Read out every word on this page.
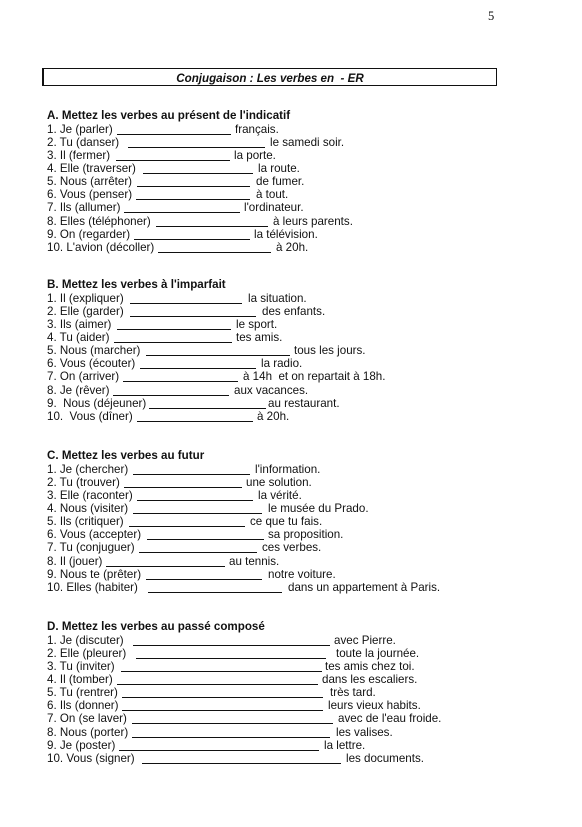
5
Conjugaison : Les verbes en  - ER
A. Mettez les verbes au présent de l'indicatif
1. Je (parler)	français.
2. Tu (danser)	le samedi soir.
3. Il (fermer)	la porte.
4. Elle (traverser)	la route.
5. Nous (arrêter)	de fumer.
6. Vous (penser)	à tout.
7. Ils (allumer)	l'ordinateur.
8. Elles (téléphoner)	à leurs parents.
9. On (regarder)	la télévision.
10. L'avion (décoller)	à 20h.
B. Mettez les verbes à l'imparfait
1. Il (expliquer)	la situation.
2. Elle (garder)	des enfants.
3. Ils (aimer)	le sport.
4. Tu (aider)	tes amis.
5. Nous (marcher)	tous les jours.
6. Vous (écouter)	la radio.
7. On (arriver)	à 14h  et on repartait à 18h.
8. Je (rêver)	aux vacances.
9.  Nous (déjeuner)	au restaurant.
10.  Vous (dîner)	à 20h.
C. Mettez les verbes au futur
1. Je (chercher)	l'information.
2. Tu (trouver)	une solution.
3. Elle (raconter)	la vérité.
4. Nous (visiter)	le musée du Prado.
5. Ils (critiquer)	ce que tu fais.
6. Vous (accepter)	sa proposition.
7. Tu (conjuguer)	ces verbes.
8. Il (jouer)	au tennis.
9. Nous te (prêter)	notre voiture.
10. Elles (habiter)	dans un appartement à Paris.
D. Mettez les verbes au passé composé
1. Je (discuter)	avec Pierre.
2. Elle (pleurer)	toute la journée.
3. Tu (inviter)	tes amis chez toi.
4. Il (tomber)	dans les escaliers.
5. Tu (rentrer)	très tard.
6. Ils (donner)	leurs vieux habits.
7. On (se laver)	avec de l'eau froide.
8. Nous (porter)	les valises.
9. Je (poster)	la lettre.
10. Vous (signer)	les documents.
